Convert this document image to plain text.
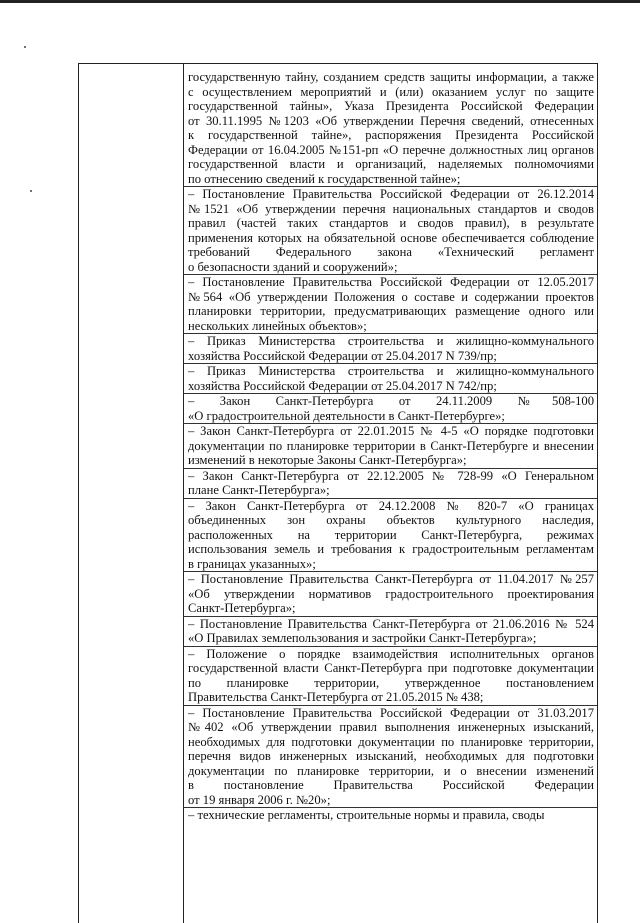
государственную тайну, созданием средств защиты информации, а также
с осуществлением мероприятий и (или) оказанием услуг по защите
государственной тайны», Указа Президента Российской Федерации
от 30.11.1995 №1203 «Об утверждении Перечня сведений, отнесенных
к государственной тайне», распоряжения Президента Российской
Федерации от 16.04.2005 №151-рп «О перечне должностных лиц органов
государственной власти и организаций, наделяемых полномочиями
по отнесению сведений к государственной тайне»;
– Постановление Правительства Российской Федерации от 26.12.2014
№1521 «Об утверждении перечня национальных стандартов и сводов
правил (частей таких стандартов и сводов правил), в результате
применения которых на обязательной основе обеспечивается соблюдение
требований Федерального закона «Технический регламент
о безопасности зданий и сооружений»;
– Постановление Правительства Российской Федерации от 12.05.2017
№564 «Об утверждении Положения о составе и содержании проектов
планировки территории, предусматривающих размещение одного или
нескольких линейных объектов»;
– Приказ Министерства строительства и жилищно-коммунального
хозяйства Российской Федерации от 25.04.2017 N 739/пр;
– Приказ Министерства строительства и жилищно-коммунального
хозяйства Российской Федерации от 25.04.2017 N 742/пр;
– Закон Санкт-Петербурга от 24.11.2009 №508-100
«О градостроительной деятельности в Санкт-Петербурге»;
– Закон Санкт-Петербурга от 22.01.2015 № 4-5 «О порядке подготовки
документации по планировке территории в Санкт-Петербурге и внесении
изменений в некоторые Законы Санкт-Петербурга»;
– Закон Санкт-Петербурга от 22.12.2005 № 728-99 «О Генеральном
плане Санкт-Петербурга»;
– Закон Санкт-Петербурга от 24.12.2008 № 820-7 «О границах
объединенных зон охраны объектов культурного наследия,
расположенных на территории Санкт-Петербурга, режимах
использования земель и требования к градостроительным регламентам
в границах указанных»;
– Постановление Правительства Санкт-Петербурга от 11.04.2017 №257
«Об утверждении нормативов градостроительного проектирования
Санкт-Петербурга»;
– Постановление Правительства Санкт-Петербурга от 21.06.2016 № 524
«О Правилах землепользования и застройки Санкт-Петербурга»;
– Положение о порядке взаимодействия исполнительных органов
государственной власти Санкт-Петербурга при подготовке документации
по планировке территории, утвержденное постановлением
Правительства Санкт-Петербурга от 21.05.2015 № 438;
– Постановление Правительства Российской Федерации от 31.03.2017
№402 «Об утверждении правил выполнения инженерных изысканий,
необходимых для подготовки документации по планировке территории,
перечня видов инженерных изысканий, необходимых для подготовки
документации по планировке территории, и о внесении изменений
в постановление Правительства Российской Федерации
от 19 января 2006 г. №20»;
– технические регламенты, строительные нормы и правила, своды
